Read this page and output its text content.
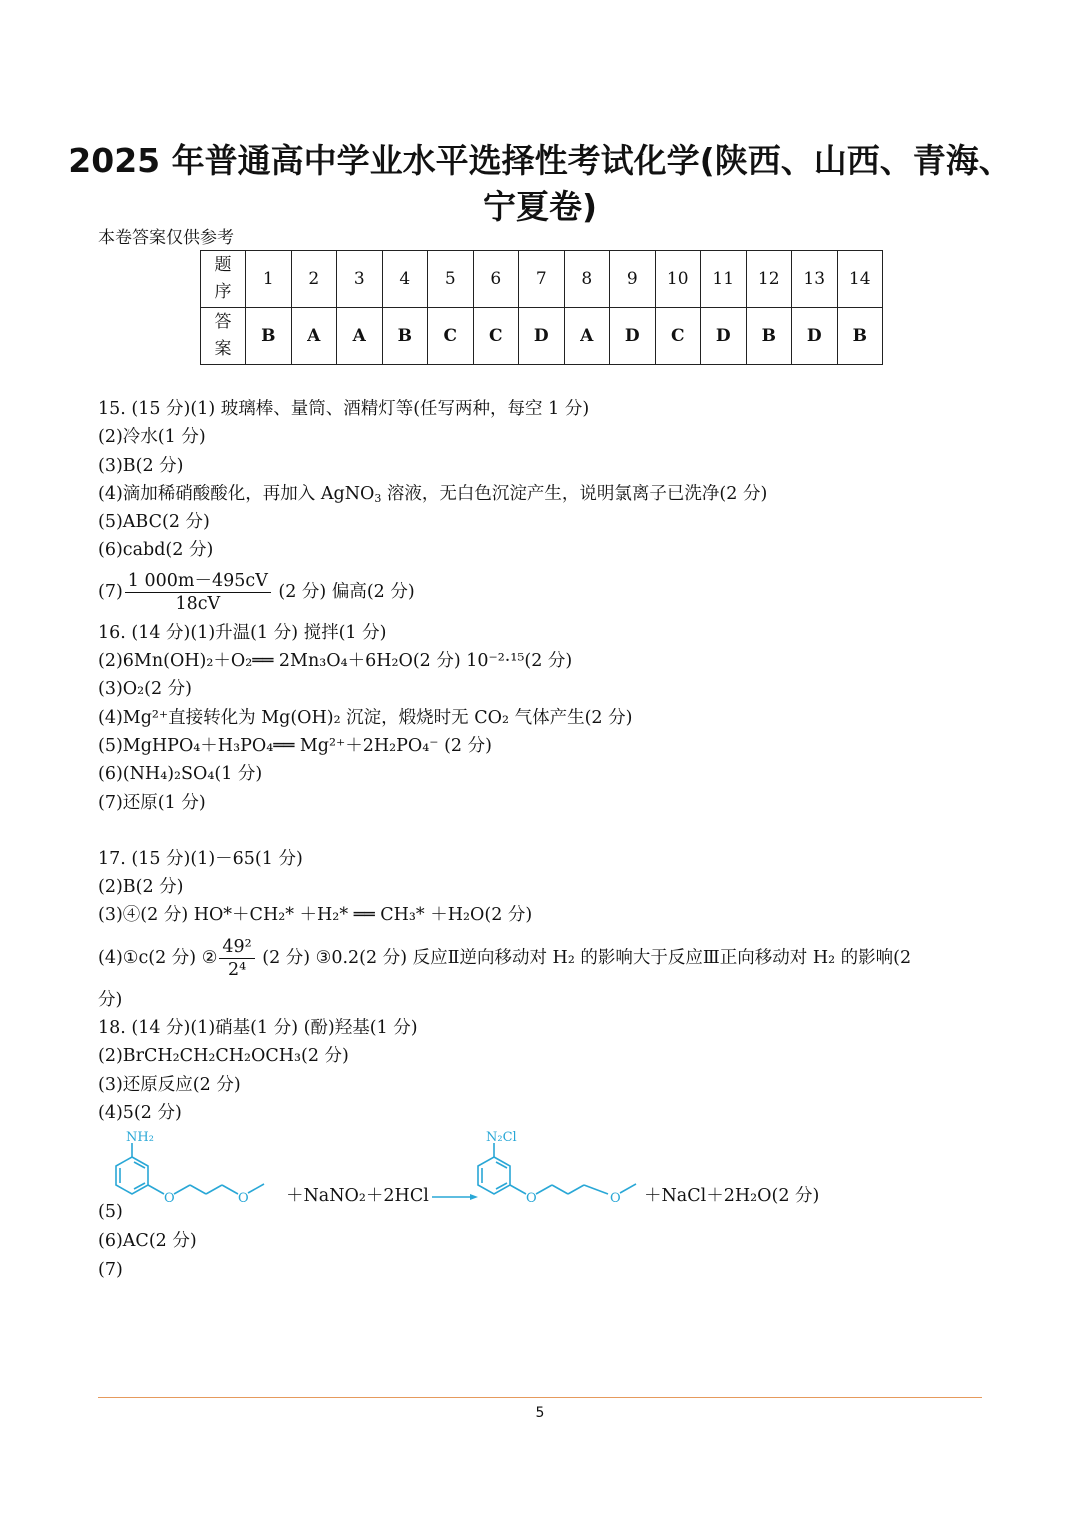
2025 年普通高中学业水平选择性考试化学(陕西、山西、青海、
宁夏卷)
本卷答案仅供参考
题
序	1	2	3	4	5	6	7	8	9	10	11	12	13	14

答
案	B	A	A	B	C	C	D	A	D	C	D	B	D	B
15. (15 分)(1) 玻璃棒、量筒、酒精灯等(任写两种，每空 1 分)
(2)冷水(1 分)
(3)B(2 分)
(4)滴加稀硝酸酸化，再加入 AgNO$_3$ 溶液，无白色沉淀产生，说明氯离子已洗净(2 分)
(5)ABC(2 分)
(6)cabd(2 分)
$(7) \frac{1 000m-495cV}{18cV} (2$ 分) 偏高(2 分)
16. (14 分)(1)升温(1 分) 搅拌(1 分)
(2)6Mn(OH)₂＋O₂══ 2Mn₃O₄＋6H₂O(2 分) 10⁻²·¹⁵(2 分)
(3)O₂(2 分)
(4)Mg²⁺直接转化为 Mg(OH)₂ 沉淀，煅烧时无 CO₂ 气体产生(2 分)
(5)MgHPO₄＋H₃PO₄══ Mg²⁺＋2H₂PO₄⁻ (2 分)
(6)(NH₄)₂SO₄(1 分)
(7)还原(1 分)
17. (15 分)(1)－65(1 分)
(2)B(2 分)
(3)④(2 分) HO*＋CH₂* ＋H₂* ══ CH₃* ＋H₂O(2 分)
(4)①c(2 分) ② $\frac{\text{49²}}{\text{2⁴}} (2$ 分) ③0.2(2 分) 反应Ⅱ逆向移动对 H₂ 的影响大于反应Ⅲ正向移动对 H₂ 的影响(2
分)
18. (14 分)(1)硝基(1 分) (酚)羟基(1 分)
(2)BrCH₂CH₂CH₂OCH₃(2 分)
(3)还原反应(2 分)
(4)5(2 分)
(5)
NH₂
O	O ＋NaNO₂＋2HCl
N₂Cl
O	O ＋NaCl＋2H₂O(2 分)
(6)AC(2 分)
(7)
5
